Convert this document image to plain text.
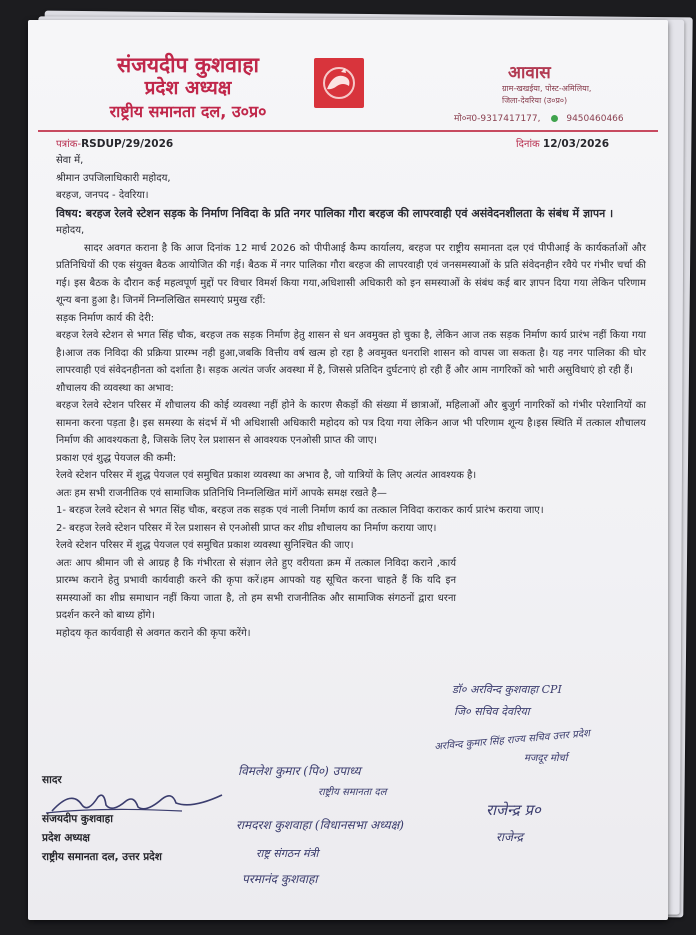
संजयदीप कुशवाहा
प्रदेश अध्यक्ष
राष्ट्रीय समानता दल, उ०प्र०
आवास
ग्राम-खखईया, पोस्ट-अमिलिया,
जिला-देवरिया (उ०प्र०)
मो०न0-9317417177,	9450460466
पत्रांक-RSDUP/29/2026	दिनांक 12/03/2026

सेवा में,

श्रीमान उपजिलाधिकारी महोदय,

बरहज, जनपद - देवरिया।

विषय: बरहज रेलवे स्टेशन सड़क के निर्माण निविदा के प्रति नगर पालिका गौरा बरहज की लापरवाही एवं असंवेदनशीलता के संबंध में ज्ञापन ।

महोदय,

सादर अवगत कराना है कि आज दिनांक 12 मार्च 2026 को पीपीआई कैम्प कार्यालय, बरहज पर राष्ट्रीय समानता दल एवं पीपीआई के कार्यकर्ताओं और प्रतिनिधियों की एक संयुक्त बैठक आयोजित की गई। बैठक में नगर पालिका गौरा बरहज की लापरवाही एवं जनसमस्याओं के प्रति संवेदनहीन रवैये पर गंभीर चर्चा की गई। इस बैठक के दौरान कई महत्वपूर्ण मुद्दों पर विचार विमर्श किया गया,अधिशासी अधिकारी को इन समस्याओं के संबंध कई बार ज्ञापन दिया गया लेकिन परिणाम शून्य बना हुआ है। जिनमें निम्नलिखित समस्याएं प्रमुख रहीं:

सड़क निर्माण कार्य की देरी:

बरहज रेलवे स्टेशन से भगत सिंह चौक, बरहज तक सड़क निर्माण हेतु शासन से धन अवमुक्त हो चुका है, लेकिन आज तक सड़क निर्माण कार्य प्रारंभ नहीं किया गया है।आज तक निविदा की प्रक्रिया प्रारम्भ नही हुआ,जबकि वित्तीय वर्ष खत्म हो रहा है अवमुक्त धनराशि शासन को वापस जा सकता है। यह नगर पालिका की घोर लापरवाही एवं संवेदनहीनता को दर्शाता है। सड़क अत्यंत जर्जर अवस्था में है, जिससे प्रतिदिन दुर्घटनाएं हो रही हैं और आम नागरिकों को भारी असुविधाएं हो रही हैं।

शौचालय की व्यवस्था का अभाव:

बरहज रेलवे स्टेशन परिसर में शौचालय की कोई व्यवस्था नहीं होने के कारण सैकड़ों की संख्या में छात्राओं, महिलाओं और बुजुर्ग नागरिकों को गंभीर परेशानियों का सामना करना पड़ता है। इस समस्या के संदर्भ में भी अधिशासी अधिकारी महोदय को पत्र दिया गया लेकिन आज भी परिणाम शून्य है।इस स्थिति में तत्काल शौचालय निर्माण की आवश्यकता है, जिसके लिए रेल प्रशासन से आवश्यक एनओसी प्राप्त की जाए।

प्रकाश एवं शुद्ध पेयजल की कमी:

रेलवे स्टेशन परिसर में शुद्ध पेयजल एवं समुचित प्रकाश व्यवस्था का अभाव है, जो यात्रियों के लिए अत्यंत आवश्यक है।

अतः हम सभी राजनीतिक एवं सामाजिक प्रतिनिधि निम्नलिखित मांगें आपके समक्ष रखते है—

1- बरहज रेलवे स्टेशन से भगत सिंह चौक, बरहज तक सड़क एवं नाली निर्माण कार्य का तत्काल निविदा कराकर कार्य प्रारंभ कराया जाए।

2- बरहज रेलवे स्टेशन परिसर में रेल प्रशासन से एनओसी प्राप्त कर शीघ्र शौचालय का निर्माण कराया जाए।

रेलवे स्टेशन परिसर में शुद्ध पेयजल एवं समुचित प्रकाश व्यवस्था सुनिश्चित की जाए।

अतः आप श्रीमान जी से आग्रह है कि गंभीरता से संज्ञान लेते हुए वरीयता क्रम में तत्काल निविदा कराने ,कार्य प्रारम्भ कराने हेतु प्रभावी कार्यवाही करने की कृपा करें।हम आपको यह सूचित करना चाहते हैं कि यदि इन समस्याओं का शीघ्र समाधान नहीं किया जाता है, तो हम सभी राजनीतिक और सामाजिक संगठनों द्वारा धरना प्रदर्शन करने को बाध्य होंगे।

महोदय कृत कार्यवाही से अवगत कराने की कृपा करेंगे।

डॉ० अरविन्द कुशवाहा CPI
जि० सचिव देवरिया
अरविन्द कुमार सिंह राज्य सचिव उत्तर प्रदेश
मजदूर मोर्चा
विमलेश कुमार (पि०) उपाध्य
राष्ट्रीय समानता दल
रामदरश कुशवाहा (विधानसभा अध्यक्ष)
राजेन्द्र प्र०
राजेन्द्र
राष्ट्र संगठन मंत्री
परमानंद कुशवाहा
सादर
संजयदीप कुशवाहा
प्रदेश अध्यक्ष
राष्ट्रीय समानता दल, उत्तर प्रदेश
